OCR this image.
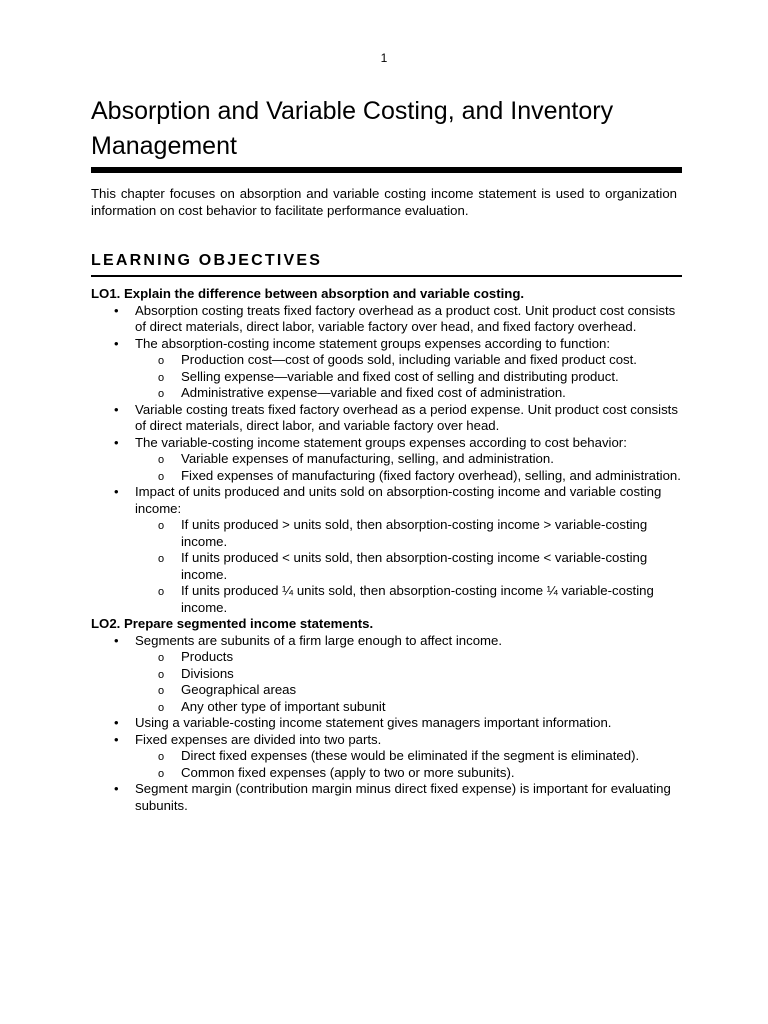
1
Absorption and Variable Costing, and Inventory Management

This chapter focuses on absorption and variable costing income statement is used to organization information on cost behavior to facilitate performance evaluation.

LEARNING OBJECTIVES

LO1. Explain the difference between absorption and variable costing.

• Absorption costing treats fixed factory overhead as a product cost. Unit product cost consists of direct materials, direct labor, variable factory over head, and fixed factory overhead.
• The absorption-costing income statement groups expenses according to function:
o Production cost—cost of goods sold, including variable and fixed product cost.
o Selling expense—variable and fixed cost of selling and distributing product.
o Administrative expense—variable and fixed cost of administration.
• Variable costing treats fixed factory overhead as a period expense. Unit product cost consists of direct materials, direct labor, and variable factory over head.
• The variable-costing income statement groups expenses according to cost behavior:
o Variable expenses of manufacturing, selling, and administration.
o Fixed expenses of manufacturing (fixed factory overhead), selling, and administration.
• Impact of units produced and units sold on absorption-costing income and variable costing income:
o If units produced > units sold, then absorption-costing income > variable-costing income.
o If units produced < units sold, then absorption-costing income < variable-costing income.
o If units produced ¼ units sold, then absorption-costing income ¼ variable-costing income.

LO2. Prepare segmented income statements.

• Segments are subunits of a firm large enough to affect income.
o Products
o Divisions
o Geographical areas
o Any other type of important subunit
• Using a variable-costing income statement gives managers important information.
• Fixed expenses are divided into two parts.
o Direct fixed expenses (these would be eliminated if the segment is eliminated).
o Common fixed expenses (apply to two or more subunits).
• Segment margin (contribution margin minus direct fixed expense) is important for evaluating subunits.
